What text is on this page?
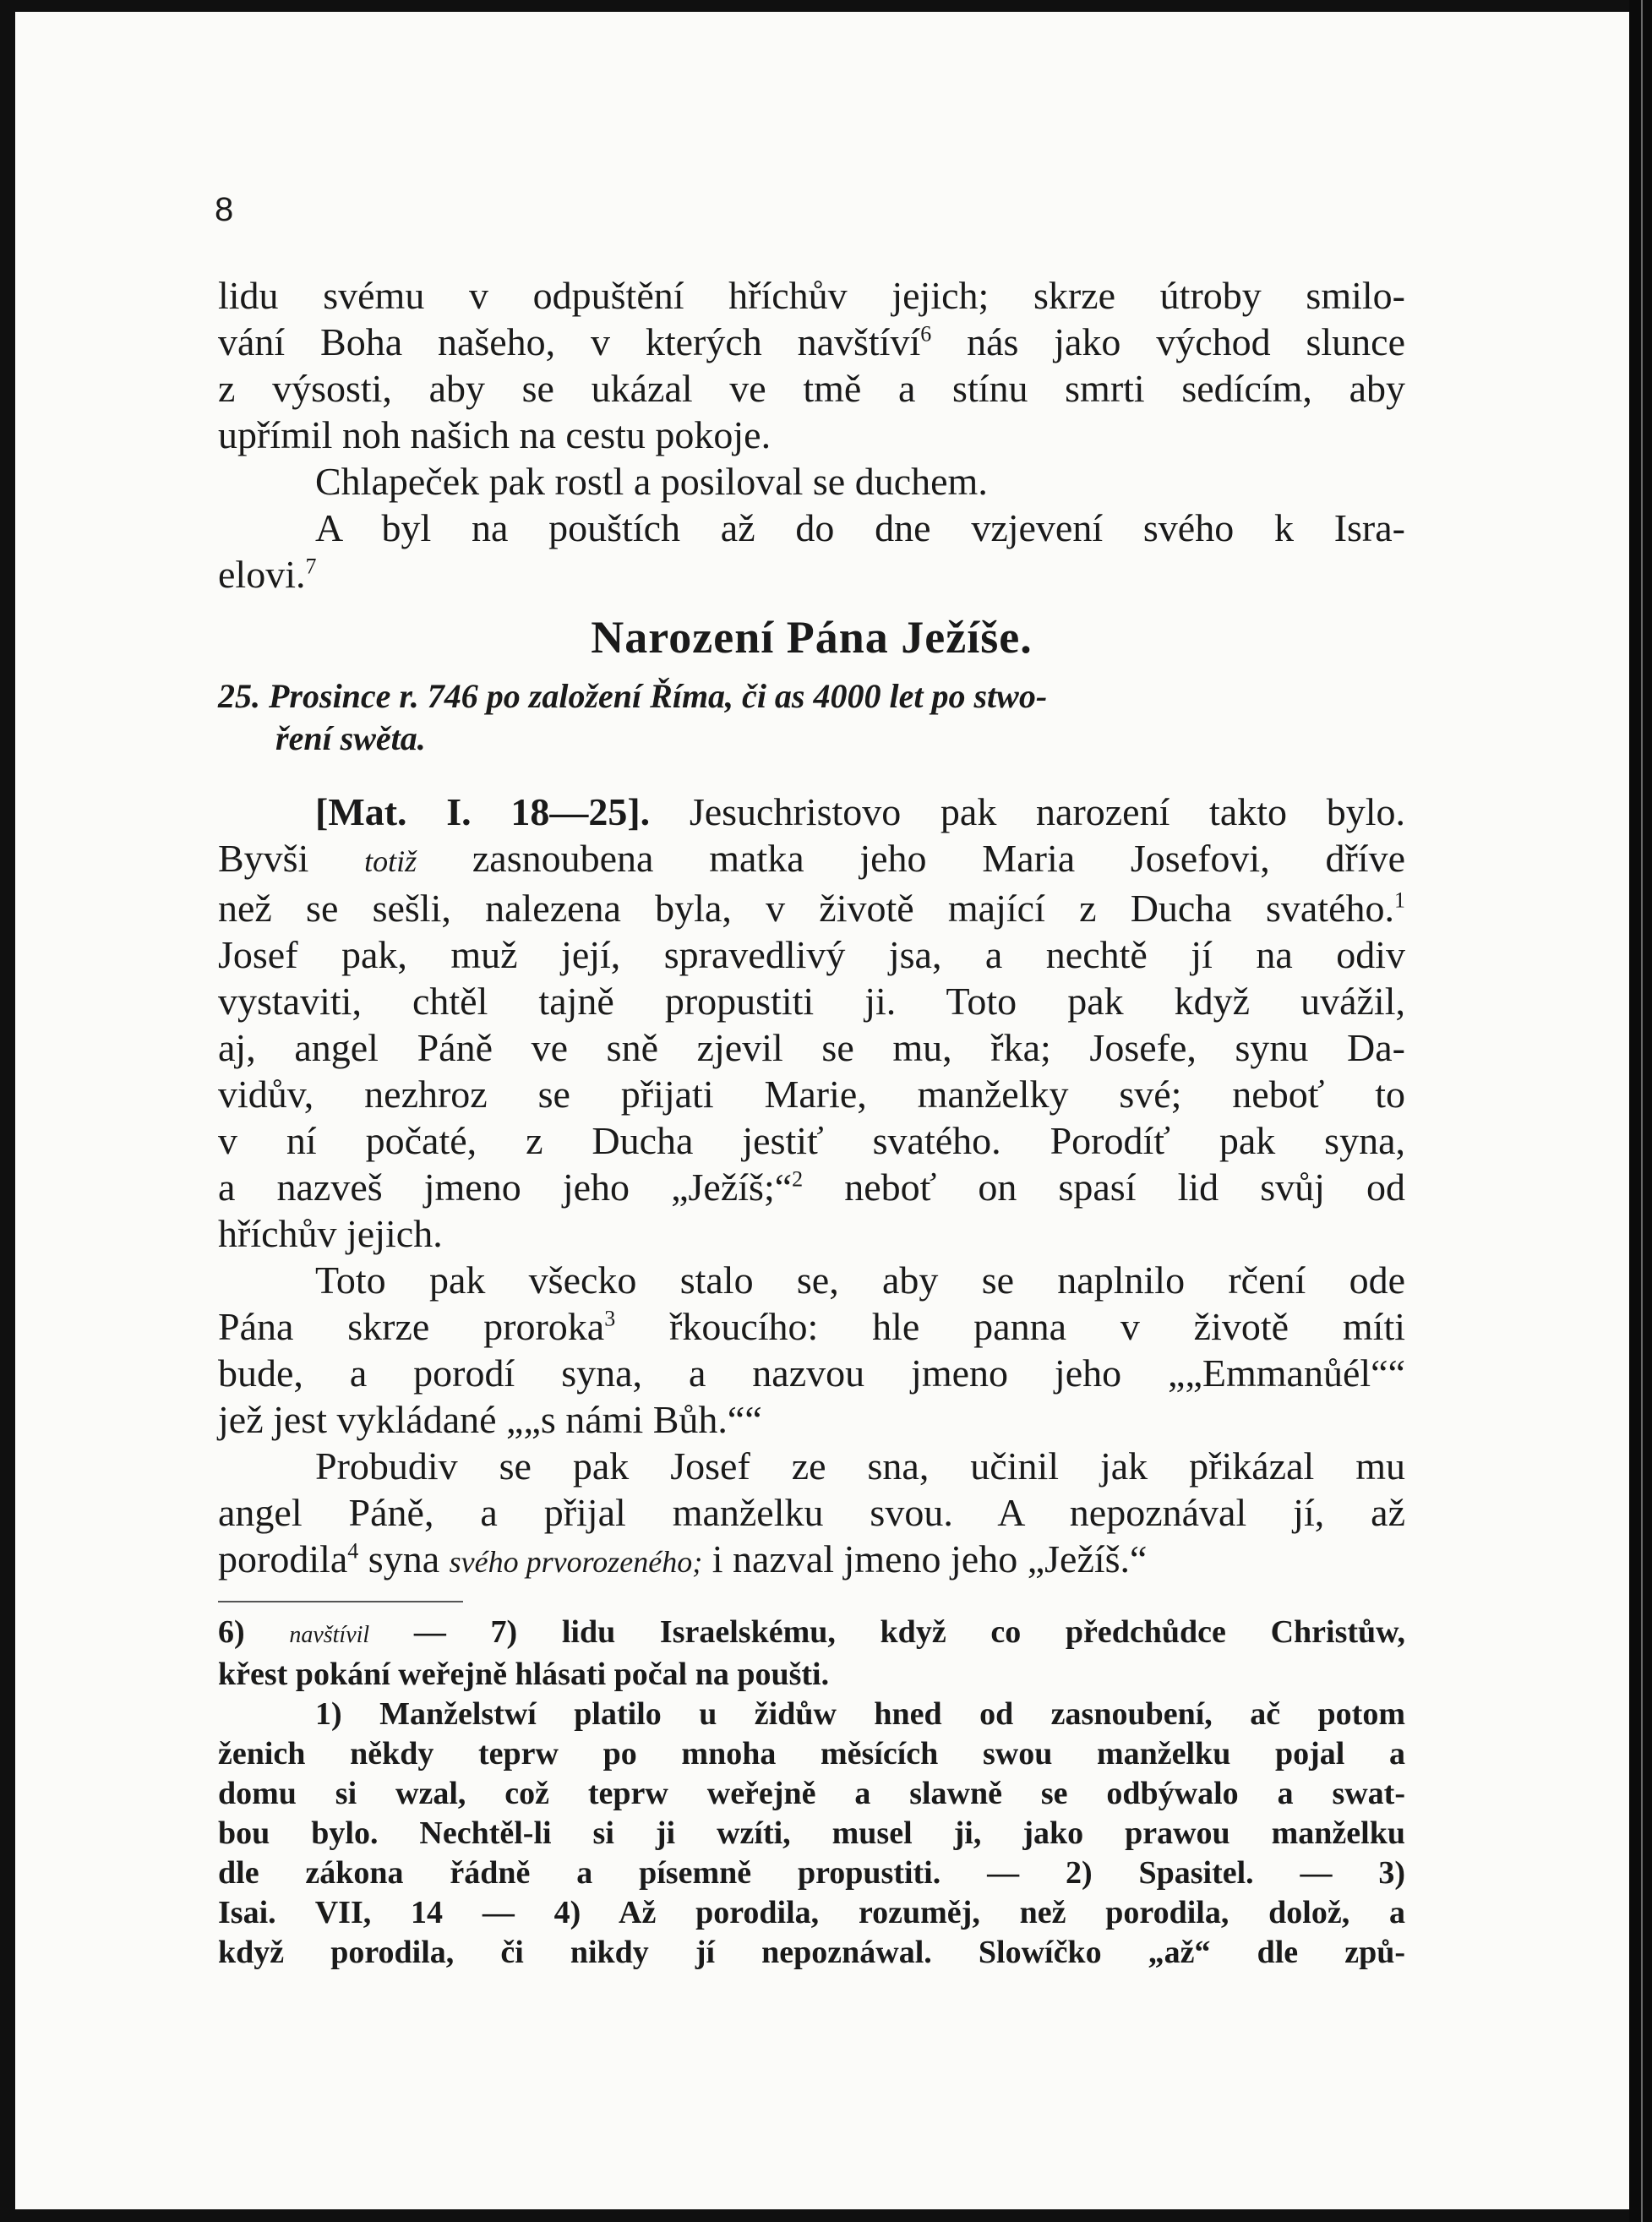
8
lidu svému v odpuštění hříchův jejich; skrze útroby smilo-
vání Boha našeho, v kterých navštíví$^6$ nás jako východ slunce
z výsosti, aby se ukázal ve tmě a stínu smrti sedícím, aby
upřímil noh našich na cestu pokoje.
Chlapeček pak rostl a posiloval se duchem.
A byl na pouštích až do dne vzjevení svého k Isra-
elovi.$^7$
Narození Pána Ježíše.
25. Prosince r. 746 po založení Říma, či as 4000 let po stwo-
ření swěta.
[Mat. I. 18—25]. Jesuchristovo pak narození takto bylo.
Byvši totiž zasnoubena matka jeho Maria Josefovi, dříve
než se sešli, nalezena byla, v životě mající z Ducha svatého.$^1$
Josef pak, muž její, spravedlivý jsa, a nechtě jí na odiv
vystaviti, chtěl tajně propustiti ji. Toto pak když uvážil,
aj, angel Páně ve sně zjevil se mu, řka; Josefe, synu Da-
vidův, nezhroz se přijati Marie, manželky své; neboť to
v ní počaté, z Ducha jestiť svatého. Porodíť pak syna,
a nazveš jmeno jeho „Ježíš;“$^2$ neboť on spasí lid svůj od
hříchův jejich.
Toto pak všecko stalo se, aby se naplnilo rčení ode
Pána skrze proroka$^3$ řkoucího: hle panna v životě míti
bude, a porodí syna, a nazvou jmeno jeho „„Emmanůél““
jež jest vykládané „„s námi Bůh.““
Probudiv se pak Josef ze sna, učinil jak přikázal mu
angel Páně, a přijal manželku svou. A nepoznával jí, až
porodila$^4$ syna svého prvorozeného; i nazval jmeno jeho „Ježíš.“
6) navštívil — 7) lidu Israelskému, když co předchůdce Christůw,
křest pokání weřejně hlásati počal na poušti.
1) Manželstwí platilo u židůw hned od zasnoubení, ač potom
ženich někdy teprw po mnoha měsících swou manželku pojal a
domu si wzal, což teprw weřejně a slawně se odbýwalo a swat-
bou bylo. Nechtěl-li si ji wzíti, musel ji, jako prawou manželku
dle zákona řádně a písemně propustiti. — 2) Spasitel. — 3)
Isai. VII, 14 — 4) Až porodila, rozuměj, než porodila, dolož, a
když porodila, či nikdy jí nepoznáwal. Slowíčko „až“ dle způ-
